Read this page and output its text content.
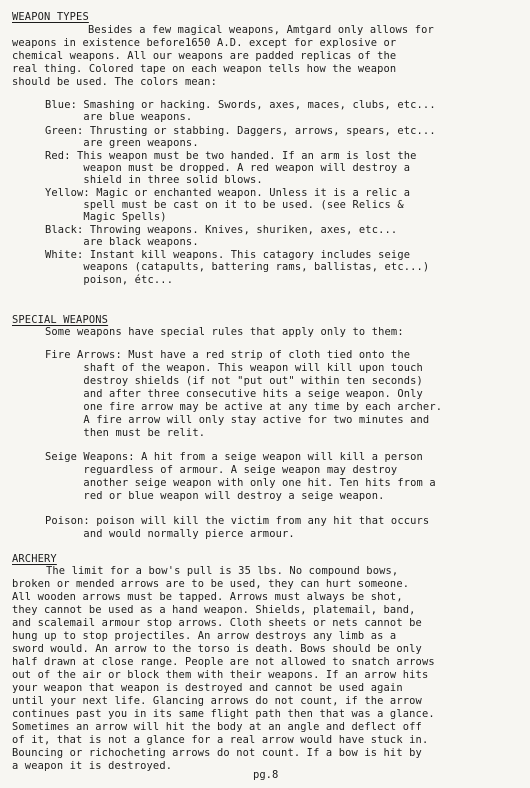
WEAPON TYPES
Besides a few magical weapons, Amtgard only allows for
weapons in existence before1650 A.D. except for explosive or
chemical weapons. All our weapons are padded replicas of the
real thing. Colored tape on each weapon tells how the weapon
should be used. The colors mean:
Blue: Smashing or hacking. Swords, axes, maces, clubs, etc...
are blue weapons.
Green: Thrusting or stabbing. Daggers, arrows, spears, etc...
are green weapons.
Red: This weapon must be two handed. If an arm is lost the
weapon must be dropped. A red weapon will destroy a
shield in three solid blows.
Yellow: Magic or enchanted weapon. Unless it is a relic a
spell must be cast on it to be used. (see Relics &
Magic Spells)
Black: Throwing weapons. Knives, shuriken, axes, etc...
are black weapons.
White: Instant kill weapons. This catagory includes seige
weapons (catapults, battering rams, ballistas, etc...)
poison, étc...
SPECIAL WEAPONS
Some weapons have special rules that apply only to them:
Fire Arrows: Must have a red strip of cloth tied onto the
shaft of the weapon. This weapon will kill upon touch
destroy shields (if not "put out" within ten seconds)
and after three consecutive hits a seige weapon. Only
one fire arrow may be active at any time by each archer.
A fire arrow will only stay active for two minutes and
then must be relit.
Seige Weapons: A hit from a seige weapon will kill a person
reguardless of armour. A seige weapon may destroy
another seige weapon with only one hit. Ten hits from a
red or blue weapon will destroy a seige weapon.
Poison: poison will kill the victim from any hit that occurs
and would normally pierce armour.
ARCHERY
The limit for a bow's pull is 35 lbs. No compound bows,
broken or mended arrows are to be used, they can hurt someone.
All wooden arrows must be tapped. Arrows must always be shot,
they cannot be used as a hand weapon. Shields, platemail, band,
and scalemail armour stop arrows. Cloth sheets or nets cannot be
hung up to stop projectiles. An arrow destroys any limb as a
sword would. An arrow to the torso is death. Bows should be only
half drawn at close range. People are not allowed to snatch arrows
out of the air or block them with their weapons. If an arrow hits
your weapon that weapon is destroyed and cannot be used again
until your next life. Glancing arrows do not count, if the arrow
continues past you in its same flight path then that was a glance.
Sometimes an arrow will hit the body at an angle and deflect off
of it, that is not a glance for a real arrow would have stuck in.
Bouncing or richocheting arrows do not count. If a bow is hit by
a weapon it is destroyed.
pg.8
